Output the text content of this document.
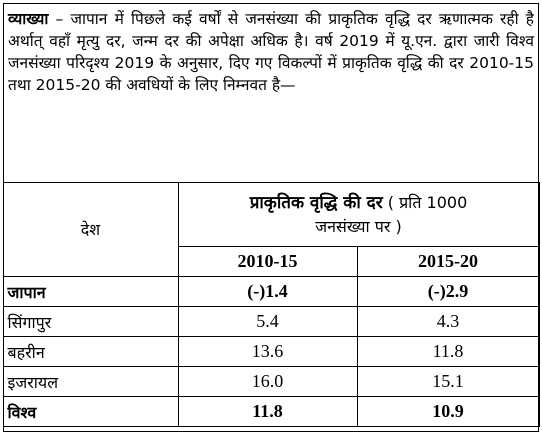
व्याख्या – जापान में पिछले कई वर्षों से जनसंख्या की प्राकृतिक वृद्धि दर ऋणात्मक रही है अर्थात् वहाँ मृत्यु दर, जन्म दर की अपेक्षा अधिक है। वर्ष 2019 में यू.एन. द्वारा जारी विश्व जनसंख्या परिदृश्य 2019 के अनुसार, दिए गए विकल्पों में प्राकृतिक वृद्धि की दर 2010-15 तथा 2015-20 की अवधियों के लिए निम्नवत है—
देश	प्राकृतिक वृद्धि की दर ( प्रति 1000
जनसंख्या पर )	

	2010-15	2015-20
जापान	(-)1.4	(-)2.9
सिंगापुर	5.4	4.3
बहरीन	13.6	11.8
इजरायल	16.0	15.1
विश्व	11.8	10.9
